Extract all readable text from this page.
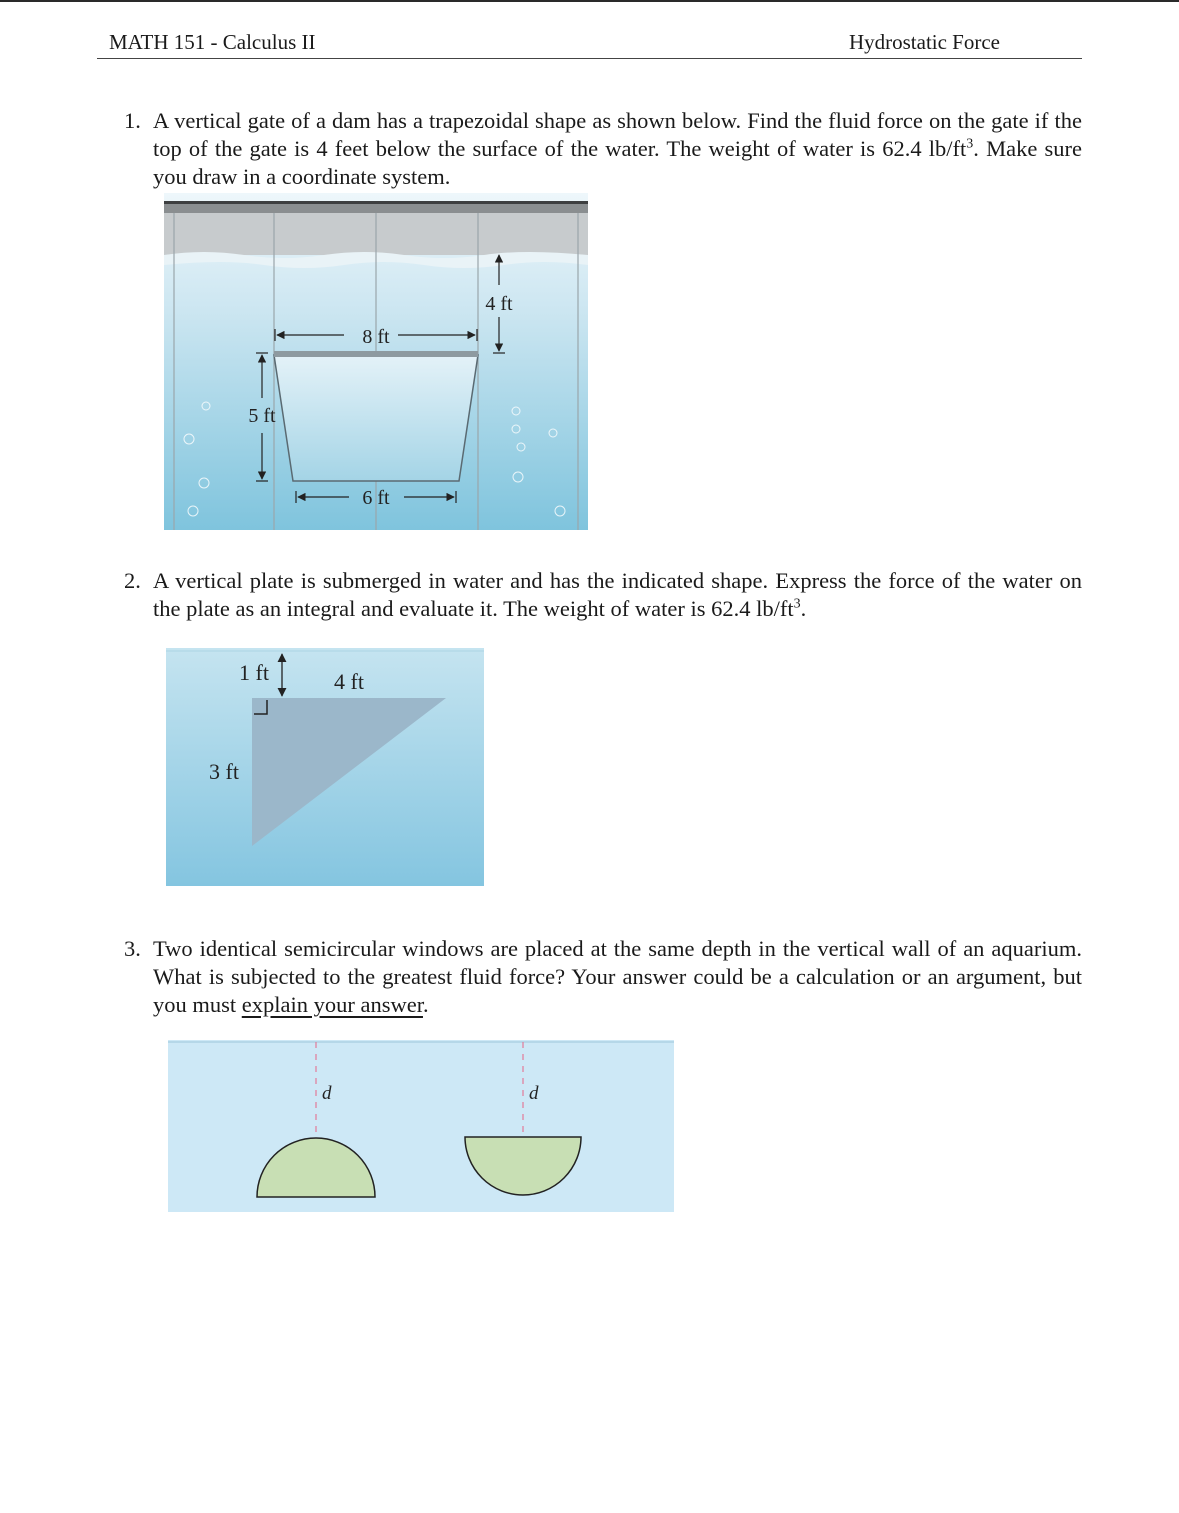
MATH 151 - Calculus II	Hydrostatic Force
1. A vertical gate of a dam has a trapezoidal shape as shown below. Find the fluid force on the gate if the top of the gate is 4 feet below the surface of the water. The weight of water is 62.4 $lb/ft^3$. Make sure you draw in a coordinate system.
8 ft
6 ft
5 ft
4 ft
2. A vertical plate is submerged in water and has the indicated shape. Express the force of the water on the plate as an integral and evaluate it. The weight of water is 62.4 $lb/ft^3$.
1 ft	4 ft
3 ft
3. Two identical semicircular windows are placed at the same depth in the vertical wall of an aquarium. What is subjected to the greatest fluid force? Your answer could be a calculation or an argument, but you must explain your answer.
d	d
